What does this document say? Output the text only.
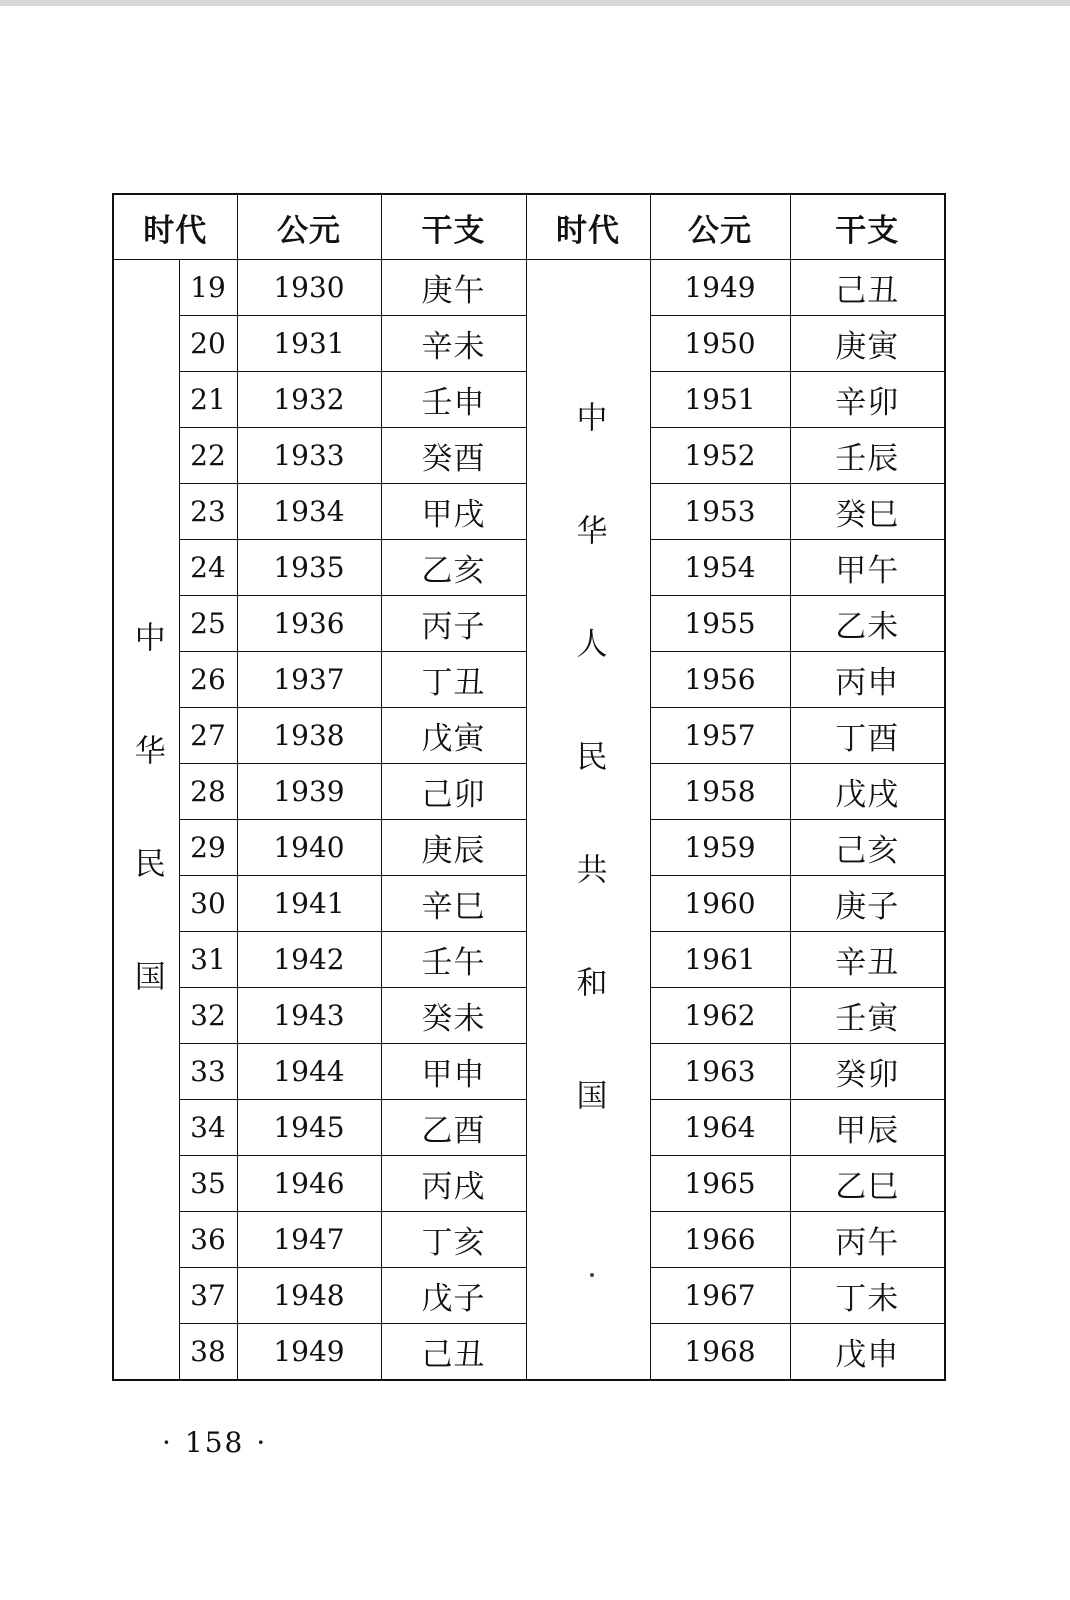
时代		公元	干支	时代	公元	干支
中华民国	19	1930	庚午	中华人民共和国	1949	己丑
	20	1931	辛未		1950	庚寅
	21	1932	壬申		1951	辛卯
	22	1933	癸酉		1952	壬辰
	23	1934	甲戌		1953	癸巳
	24	1935	乙亥		1954	甲午
	25	1936	丙子		1955	乙未
	26	1937	丁丑		1956	丙申
	27	1938	戊寅		1957	丁酉
	28	1939	己卯		1958	戊戌
	29	1940	庚辰		1959	己亥
	30	1941	辛巳		1960	庚子
	31	1942	壬午		1961	辛丑
	32	1943	癸未		1962	壬寅
	33	1944	甲申		1963	癸卯
	34	1945	乙酉		1964	甲辰
	35	1946	丙戌		1965	乙巳
	36	1947	丁亥		1966	丙午
	37	1948	戊子		1967	丁未
	38	1949	己丑		1968	戊申
· 158 ·
